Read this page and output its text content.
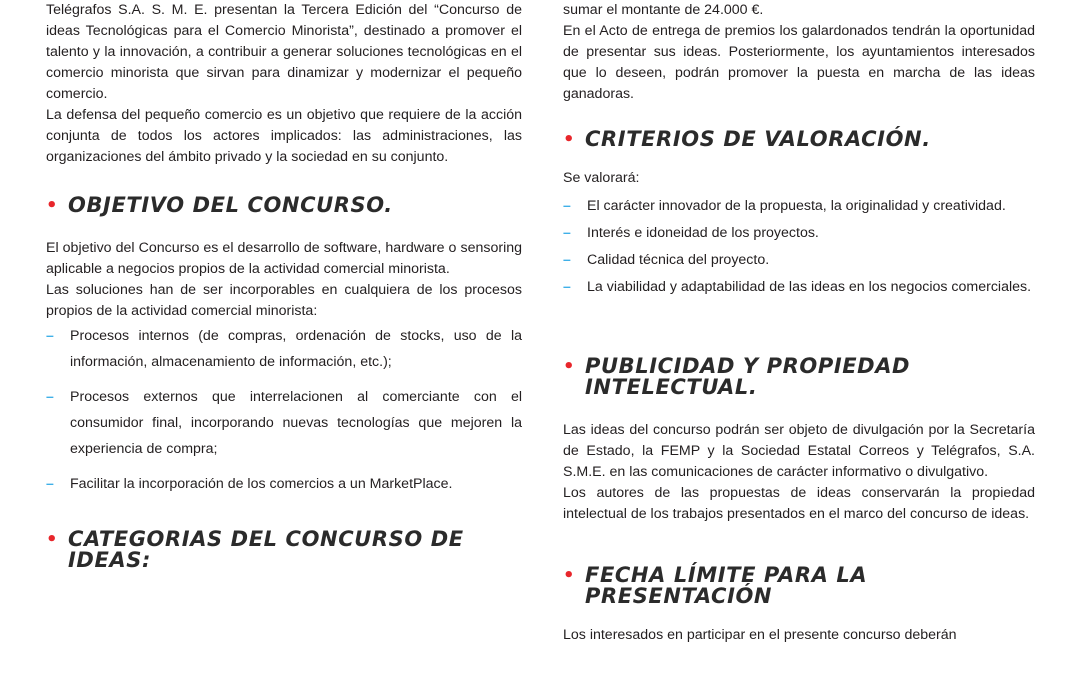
Telégrafos S.A. S. M. E. presentan la Tercera Edición del “Concurso de ideas Tecnológicas para el Comercio Minorista”, destinado a promover el talento y la innovación, a contribuir a generar soluciones tecnológicas en el comercio minorista que sirvan para dinamizar y modernizar el pequeño comercio.

La defensa del pequeño comercio es un objetivo que requiere de la acción conjunta de todos los actores implicados: las administraciones, las organizaciones del ámbito privado y la sociedad en su conjunto.

• OBJETIVO DEL CONCURSO.

El objetivo del Concurso es el desarrollo de software, hardware o sensoring aplicable a negocios propios de la actividad comercial minorista.

Las soluciones han de ser incorporables en cualquiera de los procesos propios de la actividad comercial minorista:

–	Procesos internos (de compras, ordenación de stocks, uso de la información, almacenamiento de información, etc.);
–	Procesos externos que interrelacionen al comerciante con el consumidor final, incorporando nuevas tecnologías que mejoren la experiencia de compra;
–	Facilitar la incorporación de los comercios a un MarketPlace.
• CATEGORIAS DEL CONCURSO DE IDEAS:

sumar el montante de 24.000 €.

En el Acto de entrega de premios los galardonados tendrán la oportunidad de presentar sus ideas. Posteriormente, los ayuntamientos interesados que lo deseen, podrán promover la puesta en marcha de las ideas ganadoras.

• CRITERIOS DE VALORACIÓN.

Se valorará:

–	El carácter innovador de la propuesta, la originalidad y creatividad.
–	Interés e idoneidad de los proyectos.
–	Calidad técnica del proyecto.
–	La viabilidad y adaptabilidad de las ideas en los negocios comerciales.
• PUBLICIDAD Y PROPIEDAD INTELECTUAL.

Las ideas del concurso podrán ser objeto de divulgación por la Secretaría de Estado, la FEMP y la Sociedad Estatal Correos y Telégrafos, S.A. S.M.E. en las comunicaciones de carácter informativo o divulgativo.

Los autores de las propuestas de ideas conservarán la propiedad intelectual de los trabajos presentados en el marco del concurso de ideas.

• FECHA LÍMITE PARA LA PRESENTACIÓN

Los interesados en participar en el presente concurso deberán
